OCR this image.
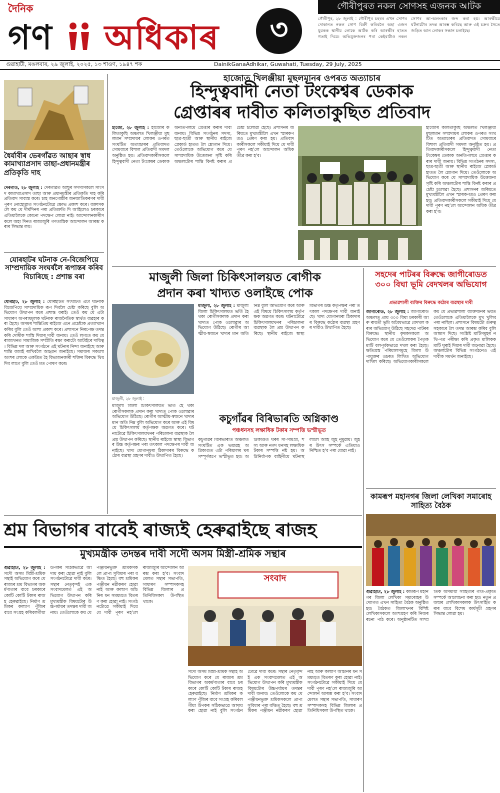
দৈনিক
গণ অধিকাৰ	৩
গৌৰীপুৰত নকল সোণসহ এজনক আটক
গৌৰীপুৰ, ২৮ জুলাই : গৌৰীপুৰ চহৰৰ এখন সোণৰ দোকানত নকল সোণ বিক্ৰী কৰিবলৈ অহা এজন যুৱকক স্থানীয় লোকে আটক কৰি আৰক্ষীৰ হাতত গতাই দিয়ে। অভিযুক্তজনৰ পৰা কেইবাটাও নকল সোণৰ আ-অলংকাৰ জব্দ কৰা হয়। আৰক্ষীয়ে ঘটনাটোৰ তদন্ত আৰম্ভ কৰিছে আৰু এই চক্ৰৰ সৈতে জড়িত আন লোকৰ সন্ধান চলাইছে।
গুৱাহাটী, মঙলবাৰ, ২৯ জুলাই, ২০২৫, ১৩ শাওণ, ১৯৪৭ শক	DainikGanaAdhikar, Guwahati, Tuesday, 29 July, 2025
ধৈৰ্যাবীৰ ভেৰগাঁৱত আছাৰ স্বাধ কামাখ্যাপ্ৰসাদ তাছা-প্ৰধানমন্ত্ৰীৰ প্ৰতিকৃতি দাহ
দেৰগাঁও, ২৮ জুলাই : দেৰগাঁৱত আছুৰ সদস্যসকলে সাংসদ কামাখ্যাপ্ৰসাদ তাছা আৰু প্ৰধানমন্ত্ৰীৰ প্ৰতিকৃতি দাহ কৰি প্ৰতিবাদ সাব্যস্ত কৰে। চাহ জনগোষ্ঠীৰ জনজাতিকৰণৰ দাবী পূৰণ নোহোৱাত সংগঠনটোৱে ক্ষোভ প্ৰকাশ কৰে। বক্তাসকলে কয় যে দীৰ্ঘদিনৰ পৰা প্ৰতিশ্ৰুতি দি আহিলেও চৰকাৰে এতিয়ালৈকে কোনো পদক্ষেপ লোৱা নাই। আন্দোলনকাৰীসকলে অহা দিনত ৰাজ্যজুৰি গণতান্ত্ৰিক আন্দোলন আৰম্ভ কৰাৰ সিদ্ধান্ত লয়।
যোৰহাটৰ ঘটনাক নে-বিজেপিয়ে সাম্প্ৰদায়িক সংঘৰ্ষলৈ ৰূপান্তৰ কৰিব বিচাৰিছে : প্ৰশান্ত বৰা
যোৰহাট, ২৮ জুলাই : যোৰহাটত সংঘটিত এটা ঘটনাক বিজেপিয়ে সাম্প্ৰদায়িক ৰূপ দিবলৈ চেষ্টা কৰিছে বুলি অভিযোগ উত্থাপন কৰে প্ৰশান্ত বৰাই। তেওঁ কয় যে এটা সাধাৰণ অপৰাধমূলক ঘটনাক ৰাজনৈতিক স্বাৰ্থত ব্যৱহাৰ কৰা হৈছে। অসমৰ শান্তিপ্ৰিয় ৰাইজে এনে প্ৰচেষ্টাক প্ৰত্যাখ্যান কৰিব বুলি তেওঁ আশা প্ৰকাশ কৰে। প্ৰশাসনে নিৰপেক্ষ তদন্ত কৰি দোষীক শাস্তি দিয়াৰ দাবী জনায়। তেওঁ লগতে কয় যে ৰাজ্যখনত সামাজিক সম্প্ৰীতি ৰক্ষা কৰাটো আটাইৰে দায়িত্ব। বিভিন্ন দল আৰু সংগঠনে এই ঘটনাৰ নিন্দা জনাইছে আৰু শান্তি বজাই ৰাখিবলৈ আহ্বান জনাইছে। সমাজৰ সকলো অংশৰ লোকে একত্ৰিত হৈ বিভাজনকাৰী শক্তিৰ বিৰুদ্ধে থিয় দিব লাগে বুলি তেওঁ মত পোষণ কৰে।
হাজোত খিলঞ্জীয়া মুছলমানৰ ওপৰত অত্যাচাৰ
হিন্দুত্ববাদী নেতা টংকেশ্বৰ ডেকাক
গ্ৰেপ্তাৰৰ দাবীত কলিতাকুছিত প্ৰতিবাদ
হাজো, ২৮ জুলাই : হাজোৰ কলিতাকুছি অঞ্চলত খিলঞ্জীয়া মুছলমান সম্প্ৰদায়ৰ লোকৰ ওপৰত সংঘটিত অত্যাচাৰৰ প্ৰতিবাদত সোমবাৰে বিশাল প্ৰতিবাদী সমদল অনুষ্ঠিত হয়। প্ৰতিবাদকাৰীসকলে হিন্দুত্ববাদী নেতা টংকেশ্বৰ ডেকাক অনতিপলমে গ্ৰেপ্তাৰ কৰাৰ দাবী জনায়। বিভিন্ন সংগঠনৰ সদস্য, ছাত্ৰ-ছাত্ৰী আৰু স্থানীয় ৰাইজে প্লেকাৰ্ড হাতত লৈ শ্লোগান দিয়ে। তেওঁলোকে অভিযোগ কৰে যে সাম্প্ৰদায়িক উত্তেজনা সৃষ্টি কৰি অঞ্চলটোৰ শান্তি বিনষ্ট কৰাৰ প্ৰচেষ্টা চলোৱা হৈছে। প্ৰশাসনৰ জৰিয়তে মুখ্যমন্ত্ৰীলৈ এখন স্মাৰকপত্ৰও প্ৰেৰণ কৰা হয়। প্ৰতিবাদকাৰীসকলে সকীয়াই দিয়ে যে দাবী পূৰণ নহ'লে আন্দোলন অধিক তীব্ৰ কৰা হ'ব।
হাজোৰ কলিতাকুছি অঞ্চলত খিলঞ্জীয়া মুছলমান সম্প্ৰদায়ৰ লোকৰ ওপৰত সংঘটিত অত্যাচাৰৰ প্ৰতিবাদত সোমবাৰে বিশাল প্ৰতিবাদী সমদল অনুষ্ঠিত হয়। প্ৰতিবাদকাৰীসকলে হিন্দুত্ববাদী নেতা টংকেশ্বৰ ডেকাক অনতিপলমে গ্ৰেপ্তাৰ কৰাৰ দাবী জনায়। বিভিন্ন সংগঠনৰ সদস্য, ছাত্ৰ-ছাত্ৰী আৰু স্থানীয় ৰাইজে প্লেকাৰ্ড হাতত লৈ শ্লোগান দিয়ে। তেওঁলোকে অভিযোগ কৰে যে সাম্প্ৰদায়িক উত্তেজনা সৃষ্টি কৰি অঞ্চলটোৰ শান্তি বিনষ্ট কৰাৰ প্ৰচেষ্টা চলোৱা হৈছে। প্ৰশাসনৰ জৰিয়তে মুখ্যমন্ত্ৰীলৈ এখন স্মাৰকপত্ৰও প্ৰেৰণ কৰা হয়। প্ৰতিবাদকাৰীসকলে সকীয়াই দিয়ে যে দাবী পূৰণ নহ'লে আন্দোলন অধিক তীব্ৰ কৰা হ'ব।
মাজুলী জিলা চিকিৎসালয়ত ৰোগীক
প্ৰদান কৰা খাদ্যত ওলাইছে পোক
মাজুলী, ২৮ জুলাই : মাজুলী জিলা চিকিৎসালয়ত ভৰ্তি হৈ থকা ৰোগীসকলক প্ৰদান কৰা খাদ্যত পোক ওলোৱাৰ অভিযোগ উঠিছে। ৰোগীৰ আত্মীয়-স্বজনে খাদ্যৰ মান অতি নিম্ন বুলি অভিযোগ কৰে আৰু এই বিষয়ে চিকিৎসালয় কৰ্তৃপক্ষক অৱগত কৰে। ঘটনাটোৱে চিকিৎসালয়খনৰ পৰিচালনা ব্যৱস্থাক লৈ প্ৰশ্ন উত্থাপন কৰিছে। স্থানীয় ৰাইজে স্বাস্থ্য বিভাগৰ উচ্চ কৰ্তৃপক্ষৰ পৰা তৎকাল পদক্ষেপৰ দাবী জনাইছে। খাদ্য যোগানধৰা ঠিকাদাৰৰ বিৰুদ্ধে কঠোৰ ব্যৱস্থা গ্ৰহণৰ দাবীও উত্থাপিত হৈছে।
মাজুলী, ২৮ জুলাই :
কচুগাঁৱৰ বিৰিভাৰতি অগ্নিকাণ্ড
পঞ্চধনসহ লক্ষাধিক টকাৰ সম্পত্তি ভস্মীভূত
কচুগাঁৱৰ বিৰিভাৰতি অঞ্চলত সংঘটিত এক ভয়াৱহ অগ্নিকাণ্ডত এটা পৰিয়ালৰ ঘৰ সম্পূৰ্ণৰূপে ভস্মীভূত হয়। অগ্নিকাণ্ডত ঘৰৰ সা-সামগ্ৰী, শস্য আৰু নগদ ধনসহ লক্ষাধিক টকাৰ সম্পত্তি নষ্ট হয়। অগ্নিনিৰ্বাপক বাহিনীয়ে ঘটনাস্থলীলৈ আহি জুই নুমুৱায়। জুইৰ উৎস সম্পৰ্কে এতিয়াও নিশ্চিত হ'ব পৰা যোৱা নাই।
মাজুলী জিলা চিকিৎসালয়ত ভৰ্তি হৈ থকা ৰোগীসকলক প্ৰদান কৰা খাদ্যত পোক ওলোৱাৰ অভিযোগ উঠিছে। ৰোগীৰ আত্মীয়-স্বজনে খাদ্যৰ মান অতি নিম্ন বুলি অভিযোগ কৰে আৰু এই বিষয়ে চিকিৎসালয় কৰ্তৃপক্ষক অৱগত কৰে। ঘটনাটোৱে চিকিৎসালয়খনৰ পৰিচালনা ব্যৱস্থাক লৈ প্ৰশ্ন উত্থাপন কৰিছে। স্থানীয় ৰাইজে স্বাস্থ্য বিভাগৰ উচ্চ কৰ্তৃপক্ষৰ পৰা তৎকাল পদক্ষেপৰ দাবী জনাইছে। খাদ্য যোগানধৰা ঠিকাদাৰৰ বিৰুদ্ধে কঠোৰ ব্যৱস্থা গ্ৰহণৰ দাবীও উত্থাপিত হৈছে।
সহদেৰ পাটৰৰ বিৰুদ্ধে জাগীৰোডত ৩০০ বিঘা ভূমি বেদখলৰ অভিযোগ
প্ৰভাৱশালী ব্যক্তিৰ বিৰুদ্ধে কঠোৰ ব্যৱস্থাৰ দাবী
জাগীৰোড, ২৮ জুলাই : জাগীৰোড অঞ্চলত প্ৰায় ৩০০ বিঘা চৰকাৰী আৰু ৰায়তী ভূমি অবৈধভাৱে বেদখল কৰাৰ অভিযোগ উঠিছে সহদেৱ পাটৰৰ বিৰুদ্ধে। স্থানীয় কৃষকসকলে অভিযোগ কৰে যে তেওঁলোকৰ পৈতৃক মাটি বলপূৰ্বকভাৱে দখল কৰা হৈছে। ক্ষতিগ্ৰস্ত পৰিয়ালসমূহে জিলা উপায়ুক্তৰ ওচৰত লিখিত অভিযোগ দাখিল কৰিছে। অভিযোগকাৰীসকলে কয় যে প্ৰভাৱশালী ব্যক্তিজনৰ ভয়ত তেওঁলোকে এতিয়ালৈকে মুখ খুলিব পৰা নাছিল। প্ৰশাসনে বিষয়টো গুৰুত্বসহকাৰে লৈ তদন্ত আৰম্ভ কৰিব বুলি আশ্বাস দিছে। সংশ্লিষ্ট মাটিসমূহৰ নথি-পত্ৰ পৰীক্ষা কৰি প্ৰকৃত মালিকক মাটি ঘূৰাই দিয়াৰ দাবী জনোৱা হৈছে। অঞ্চলটোৰ বিভিন্ন সংগঠনেও এই দাবীক সমৰ্থন জনাইছে।
কামৰূপ মহানগৰ জিলা লেখিকা সমাৰোহ সাহিত্য বৈঠক
শ্ৰম বিভাগৰ বাবেই ৰাজ্যই হেৰুৱাইছে ৰাজহ
মুখ্যমন্ত্ৰীক তদন্তৰ দাবী সদৌ অসম মিস্ত্ৰী-শ্ৰমিক সন্থাৰ
গুৱাহাটী, ২৮ জুলাই : সদৌ অসম মিস্ত্ৰী-শ্ৰমিক সন্থাই অভিযোগ কৰে যে ৰাজ্যৰ শ্ৰম বিভাগৰ অকৰ্মণ্যতাৰ বাবে চৰকাৰে কোটি কোটি টকাৰ ৰাজহ হেৰুৱাইছে। নিৰ্মাণ শ্ৰমিকৰ কল্যাণ পুঁজিৰ বাবে সংগ্ৰহ কৰিবলগীয়া উপকৰ সঠিকভাৱে আদায় কৰা হোৱা নাই বুলি সংগঠনটোৱে দাবী কৰে। সন্থাৰ নেতৃবৃন্দই এক সংবাদমেলত এই অভিযোগ উত্থাপন কৰি মুখ্যমন্ত্ৰীক বিষয়টোৰ উচ্চপৰ্যায়ৰ তদন্তৰ দাবী জনায়। তেওঁলোকে কয় যে পঞ্জীয়নভুক্ত শ্ৰমিকসকলে প্ৰাপ্য সুবিধাৰ পৰা বঞ্চিত হৈছে। বহু শ্ৰমিকৰ পঞ্জীয়ন নৱীকৰণ হোৱা নাই আৰু কল্যাণ আঁচনিৰ ধন সময়মতে বিতৰণ কৰা হোৱা নাই। সংগঠনটোৱে সকীয়াই দিয়ে যে দাবী পূৰণ নহ'লে ৰাজ্যজুৰি আন্দোলন আৰম্ভ কৰা হ'ব। সংবাদমেলত সন্থাৰ সভাপতি, সাধাৰণ সম্পাদকসহ বিভিন্ন জিলাৰ প্ৰতিনিধিসকল উপস্থিত থাকে।
সংবাদ
সদৌ অসম মিস্ত্ৰী-শ্ৰমিক সন্থাই অভিযোগ কৰে যে ৰাজ্যৰ শ্ৰম বিভাগৰ অকৰ্মণ্যতাৰ বাবে চৰকাৰে কোটি কোটি টকাৰ ৰাজহ হেৰুৱাইছে। নিৰ্মাণ শ্ৰমিকৰ কল্যাণ পুঁজিৰ বাবে সংগ্ৰহ কৰিবলগীয়া উপকৰ সঠিকভাৱে আদায় কৰা হোৱা নাই বুলি সংগঠনটোৱে দাবী কৰে। সন্থাৰ নেতৃবৃন্দই এক সংবাদমেলত এই অভিযোগ উত্থাপন কৰি মুখ্যমন্ত্ৰীক বিষয়টোৰ উচ্চপৰ্যায়ৰ তদন্তৰ দাবী জনায়। তেওঁলোকে কয় যে পঞ্জীয়নভুক্ত শ্ৰমিকসকলে প্ৰাপ্য সুবিধাৰ পৰা বঞ্চিত হৈছে। বহু শ্ৰমিকৰ পঞ্জীয়ন নৱীকৰণ হোৱা নাই আৰু কল্যাণ আঁচনিৰ ধন সময়মতে বিতৰণ কৰা হোৱা নাই। সংগঠনটোৱে সকীয়াই দিয়ে যে দাবী পূৰণ নহ'লে ৰাজ্যজুৰি আন্দোলন আৰম্ভ কৰা হ'ব। সংবাদমেলত সন্থাৰ সভাপতি, সাধাৰণ সম্পাদকসহ বিভিন্ন জিলাৰ প্ৰতিনিধিসকল উপস্থিত থাকে।
গুৱাহাটী, ২৮ জুলাই : কামৰূপ মহানগৰ জিলা লেখিকা সমাৰোহৰ উদ্যোগত এখন সাহিত্য বৈঠক অনুষ্ঠিত হয়। বৈঠকত জিলাখনৰ বিশিষ্ট লেখিকাসকলে অংশগ্ৰহণ কৰি নিজৰ ৰচনা পাঠ কৰে। অনুষ্ঠানটিত সাম্প্ৰতিক অসমীয়া সাহিত্যৰ গতি-প্ৰকৃতি সম্পৰ্কে আলোচনা কৰা হয়। নতুন প্ৰজন্মৰ লেখিকাসকলক উৎসাহিত কৰাৰ বাবে বিশেষ কাৰ্যসূচী গ্ৰহণৰ সিদ্ধান্ত লোৱা হয়।
